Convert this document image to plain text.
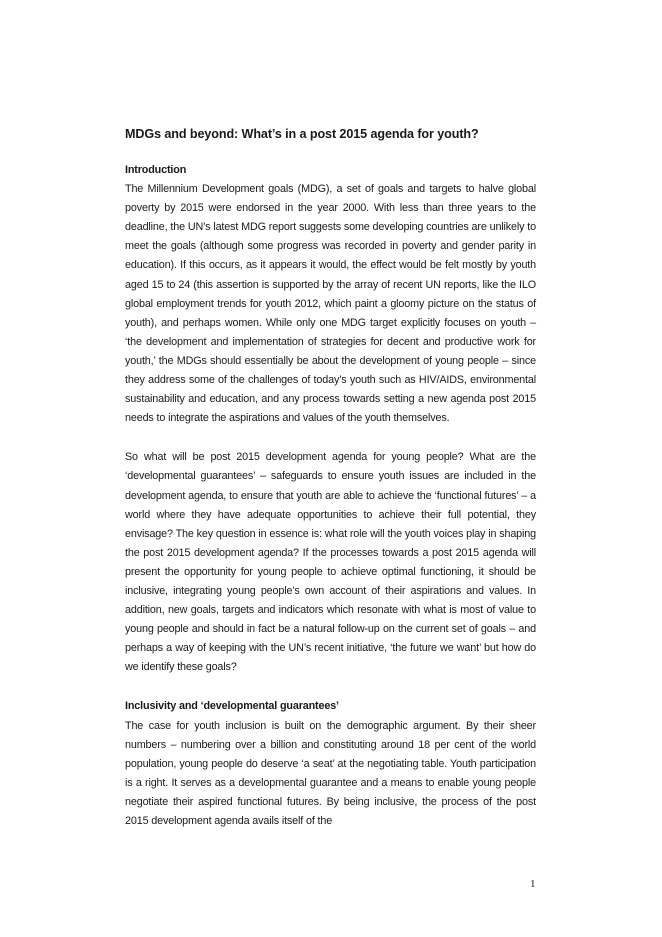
MDGs and beyond: What’s in a post 2015 agenda for youth?
Introduction

The Millennium Development goals (MDG), a set of goals and targets to halve global poverty by 2015 were endorsed in the year 2000. With less than three years to the deadline, the UN’s latest MDG report suggests some developing countries are unlikely to meet the goals (although some progress was recorded in poverty and gender parity in education). If this occurs, as it appears it would, the effect would be felt mostly by youth aged 15 to 24 (this assertion is supported by the array of recent UN reports, like the ILO global employment trends for youth 2012, which paint a gloomy picture on the status of youth), and perhaps women. While only one MDG target explicitly focuses on youth – ‘the development and implementation of strategies for decent and productive work for youth,’ the MDGs should essentially be about the development of young people – since they address some of the challenges of today’s youth such as HIV/AIDS, environmental sustainability and education, and any process towards setting a new agenda post 2015 needs to integrate the aspirations and values of the youth themselves.

So what will be post 2015 development agenda for young people? What are the ‘developmental guarantees’ – safeguards to ensure youth issues are included in the development agenda, to ensure that youth are able to achieve the ‘functional futures’ – a world where they have adequate opportunities to achieve their full potential, they envisage? The key question in essence is: what role will the youth voices play in shaping the post 2015 development agenda? If the processes towards a post 2015 agenda will present the opportunity for young people to achieve optimal functioning, it should be inclusive, integrating young people’s own account of their aspirations and values. In addition, new goals, targets and indicators which resonate with what is most of value to young people and should in fact be a natural follow-up on the current set of goals – and perhaps a way of keeping with the UN’s recent initiative, ‘the future we want’ but how do we identify these goals?

Inclusivity and ‘developmental guarantees’

The case for youth inclusion is built on the demographic argument. By their sheer numbers – numbering over a billion and constituting around 18 per cent of the world population, young people do deserve ‘a seat’ at the negotiating table. Youth participation is a right. It serves as a developmental guarantee and a means to enable young people negotiate their aspired functional futures. By being inclusive, the process of the post 2015 development agenda avails itself of the

1
